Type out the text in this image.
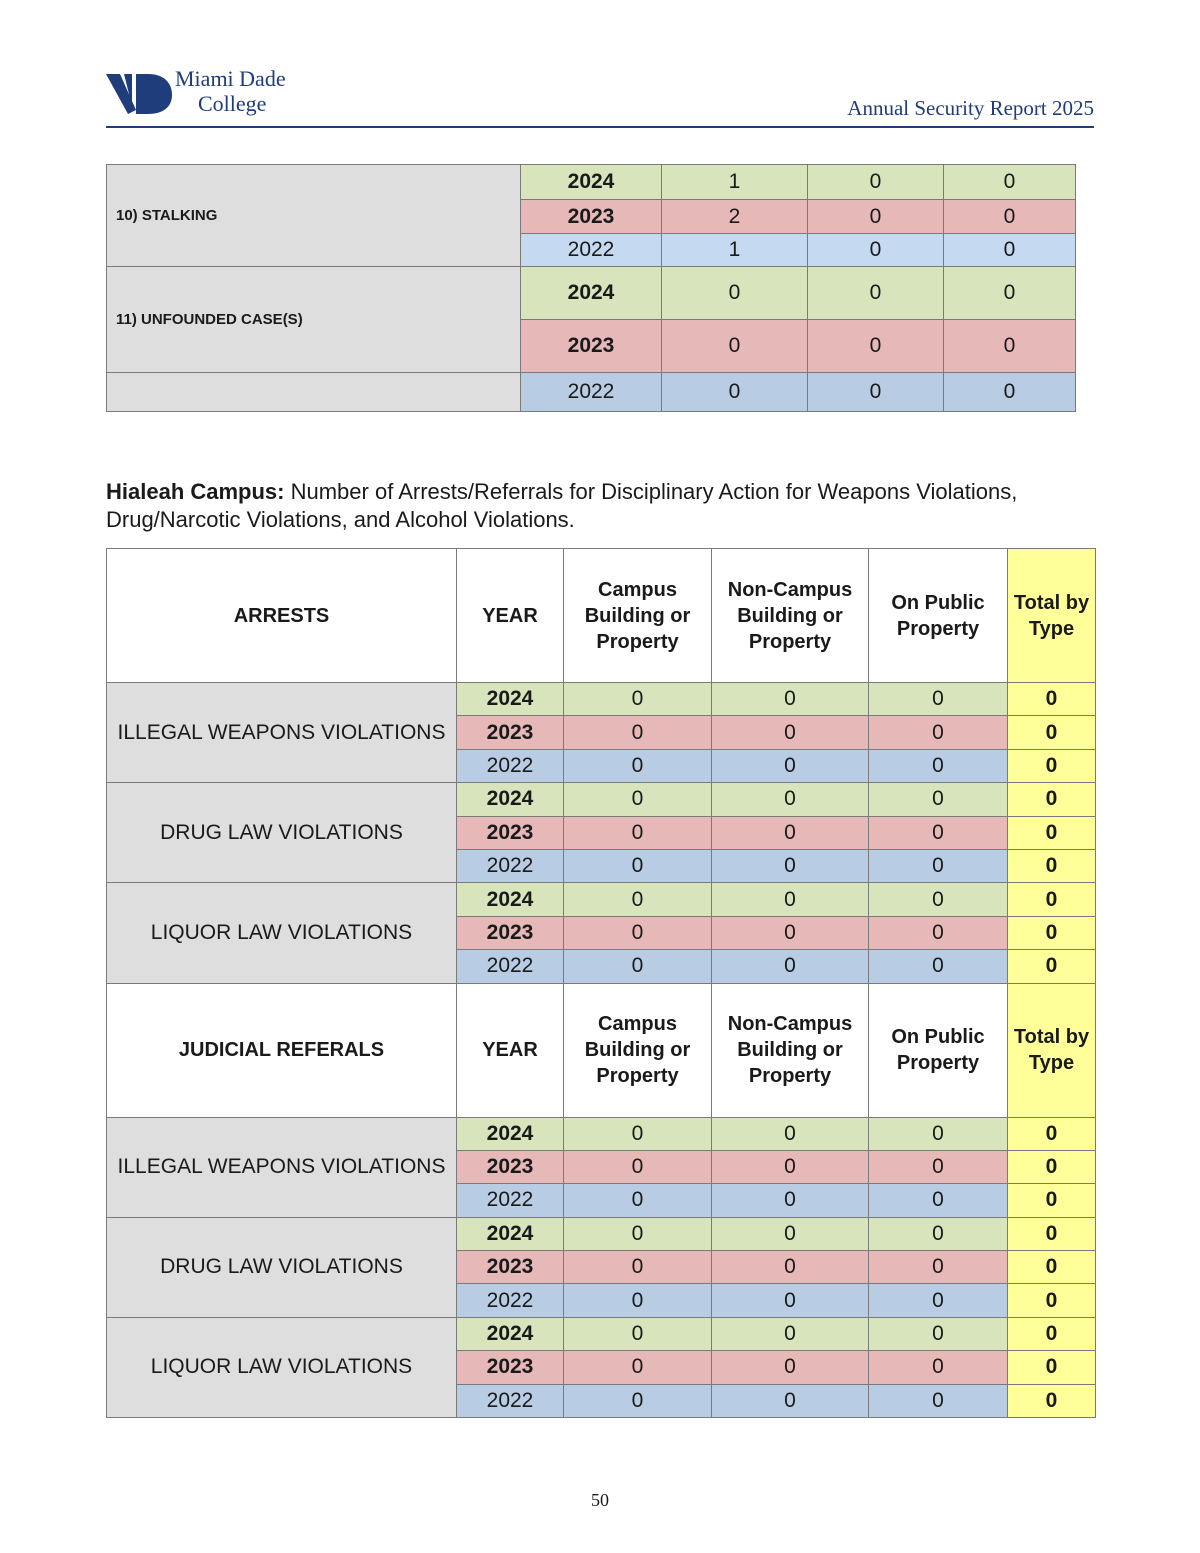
Miami Dade
College	Annual Security Report 2025
10) STALKING	2024	1	0	0
	2023	2	0	0
	2022	1	0	0
11) UNFOUNDED CASE(S)	2024	0	0	0
	2023	0	0	0
	2022	0	0	0

Hialeah Campus: Number of Arrests/Referrals for Disciplinary Action for Weapons Violations, Drug/Narcotic Violations, and Alcohol Violations.

ARRESTS	YEAR	Campus Building or Property	Non-Campus Building or Property	On Public Property	Total by Type
ILLEGAL WEAPONS VIOLATIONS	2024	0	0	0	0
	2023	0	0	0	0
	2022	0	0	0	0
DRUG LAW VIOLATIONS	2024	0	0	0	0
	2023	0	0	0	0
	2022	0	0	0	0
LIQUOR LAW VIOLATIONS	2024	0	0	0	0
	2023	0	0	0	0
	2022	0	0	0	0
JUDICIAL REFERALS	YEAR	Campus Building or Property	Non-Campus Building or Property	On Public Property	Total by Type
ILLEGAL WEAPONS VIOLATIONS	2024	0	0	0	0
	2023	0	0	0	0
	2022	0	0	0	0
DRUG LAW VIOLATIONS	2024	0	0	0	0
	2023	0	0	0	0
	2022	0	0	0	0
LIQUOR LAW VIOLATIONS	2024	0	0	0	0
	2023	0	0	0	0
	2022	0	0	0	0
50
